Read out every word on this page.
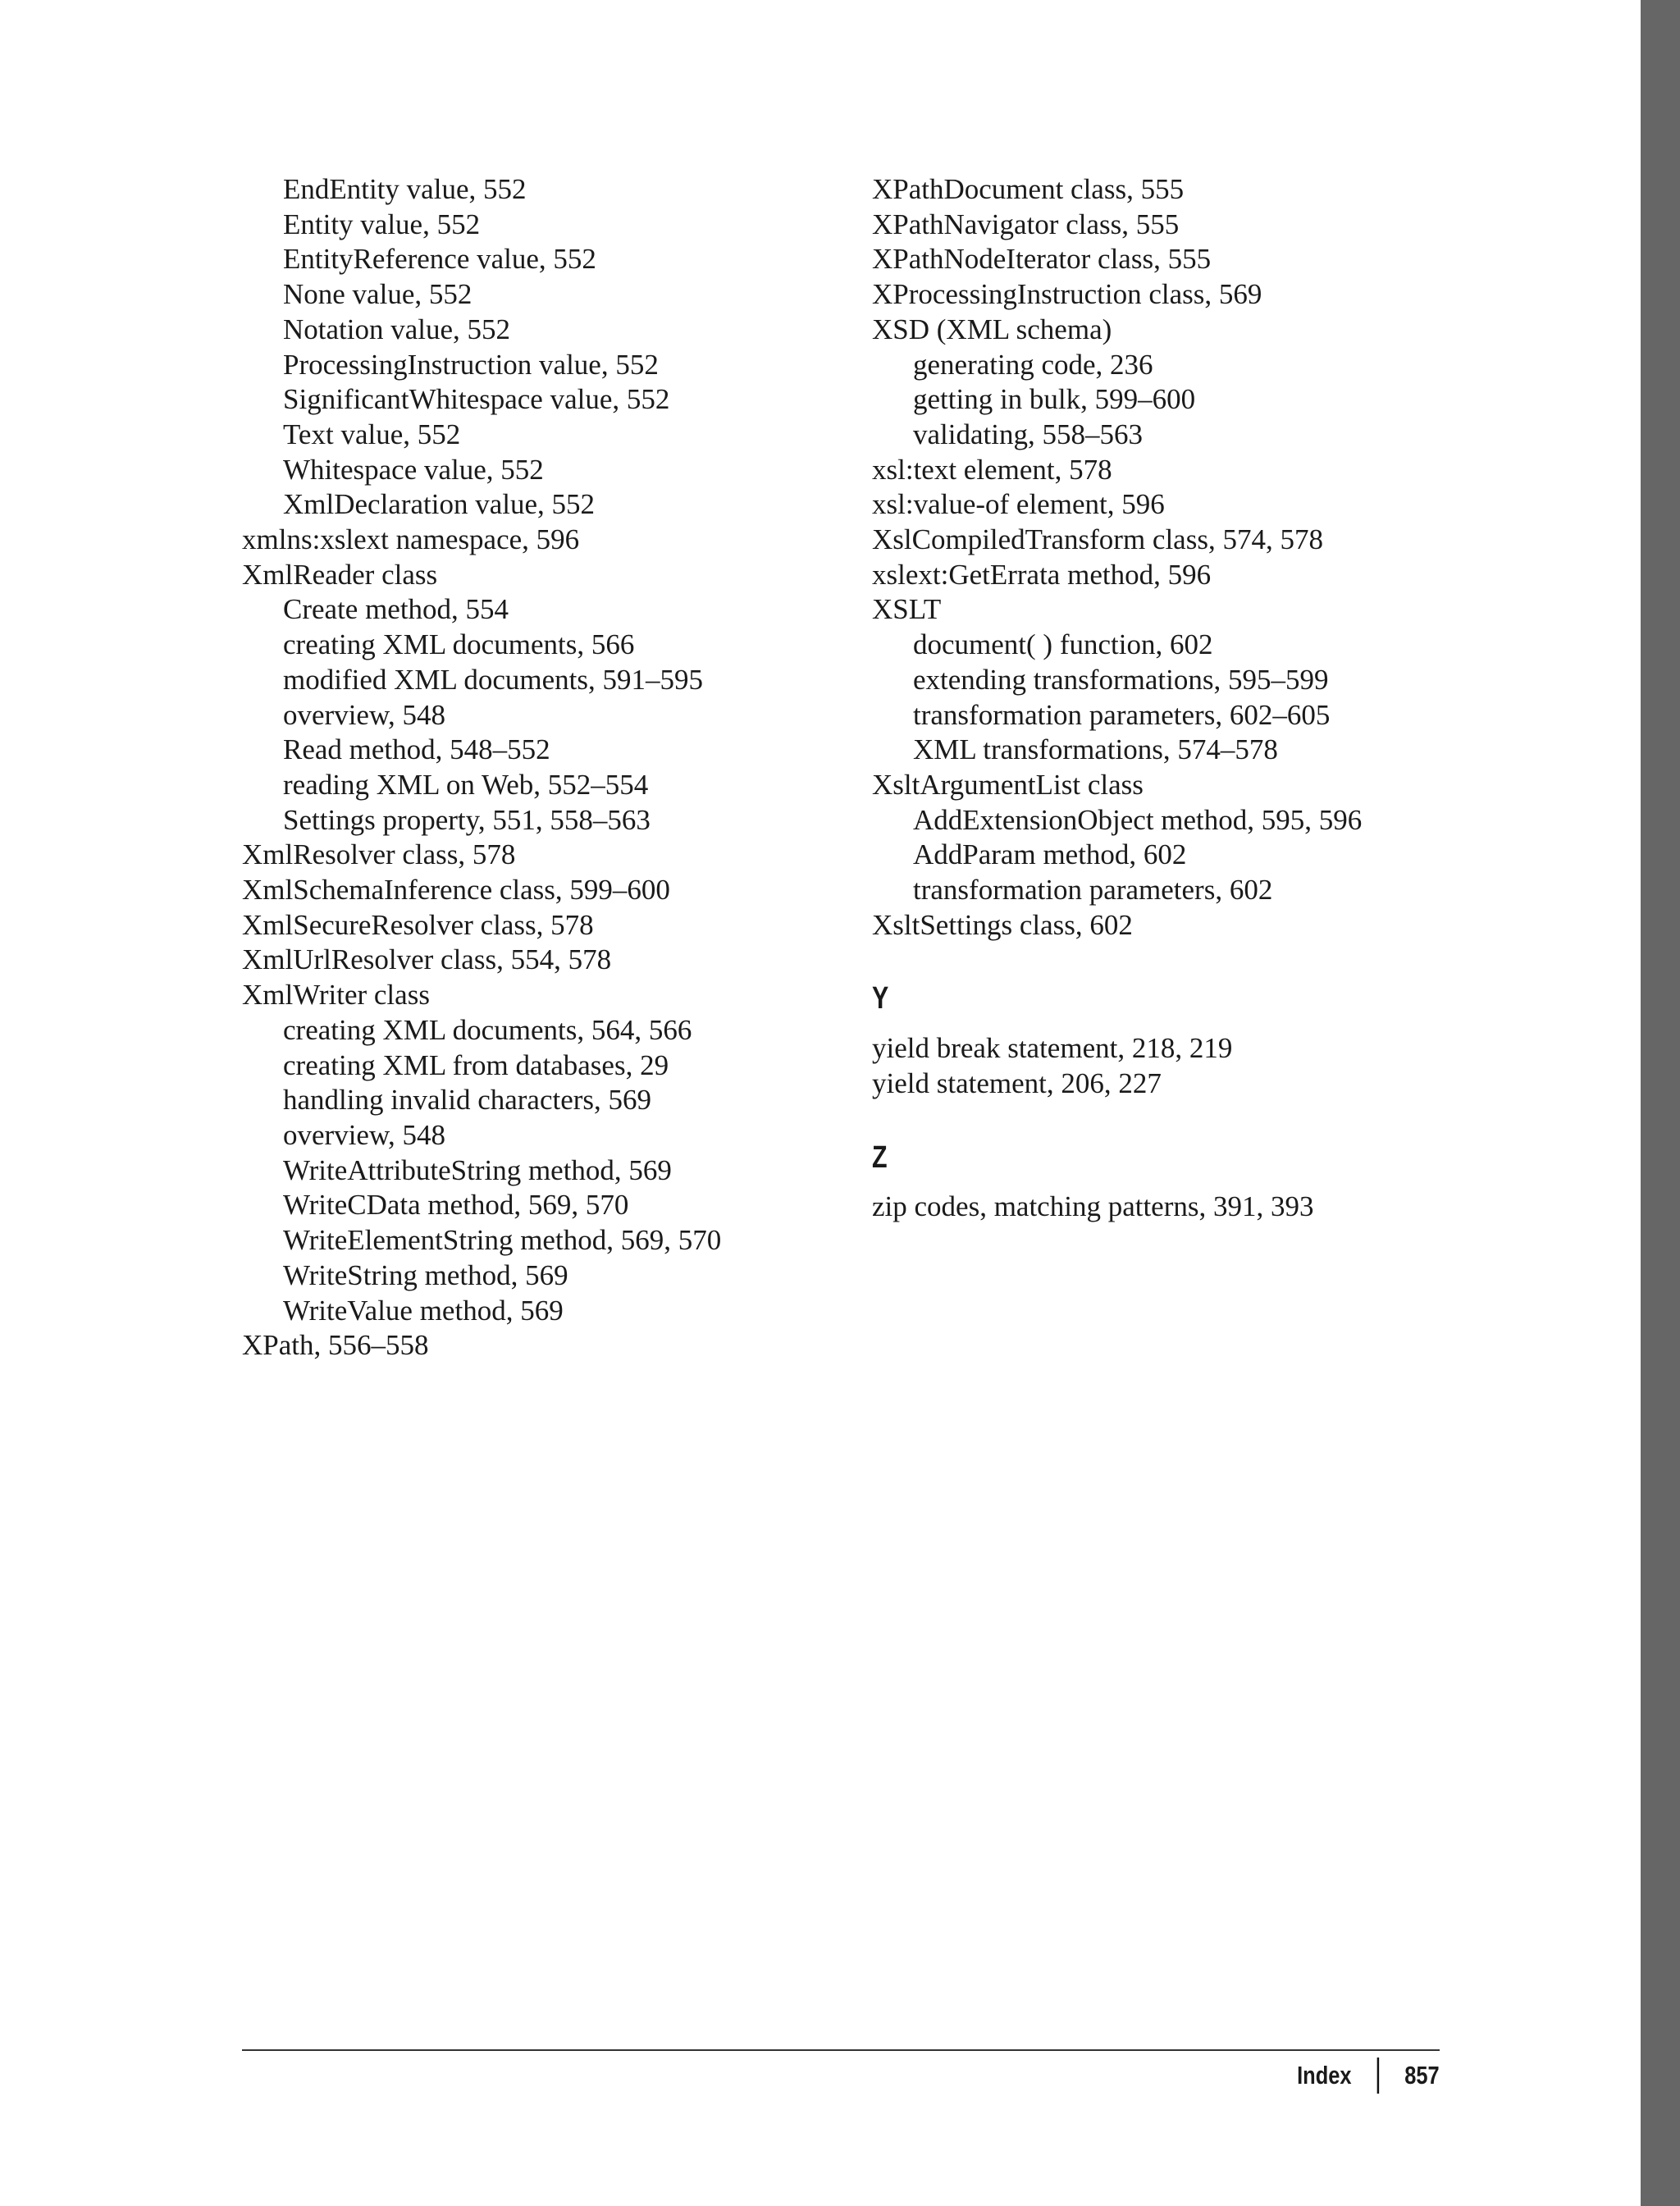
EndEntity value, 552
Entity value, 552
EntityReference value, 552
None value, 552
Notation value, 552
ProcessingInstruction value, 552
SignificantWhitespace value, 552
Text value, 552
Whitespace value, 552
XmlDeclaration value, 552
xmlns:xslext namespace, 596
XmlReader class
Create method, 554
creating XML documents, 566
modified XML documents, 591–595
overview, 548
Read method, 548–552
reading XML on Web, 552–554
Settings property, 551, 558–563
XmlResolver class, 578
XmlSchemaInference class, 599–600
XmlSecureResolver class, 578
XmlUrlResolver class, 554, 578
XmlWriter class
creating XML documents, 564, 566
creating XML from databases, 29
handling invalid characters, 569
overview, 548
WriteAttributeString method, 569
WriteCData method, 569, 570
WriteElementString method, 569, 570
WriteString method, 569
WriteValue method, 569
XPath, 556–558
XPathDocument class, 555
XPathNavigator class, 555
XPathNodeIterator class, 555
XProcessingInstruction class, 569
XSD (XML schema)
generating code, 236
getting in bulk, 599–600
validating, 558–563
xsl:text element, 578
xsl:value-of element, 596
XslCompiledTransform class, 574, 578
xslext:GetErrata method, 596
XSLT
document( ) function, 602
extending transformations, 595–599
transformation parameters, 602–605
XML transformations, 574–578
XsltArgumentList class
AddExtensionObject method, 595, 596
AddParam method, 602
transformation parameters, 602
XsltSettings class, 602
Y
yield break statement, 218, 219
yield statement, 206, 227
Z
zip codes, matching patterns, 391, 393
Index 857
